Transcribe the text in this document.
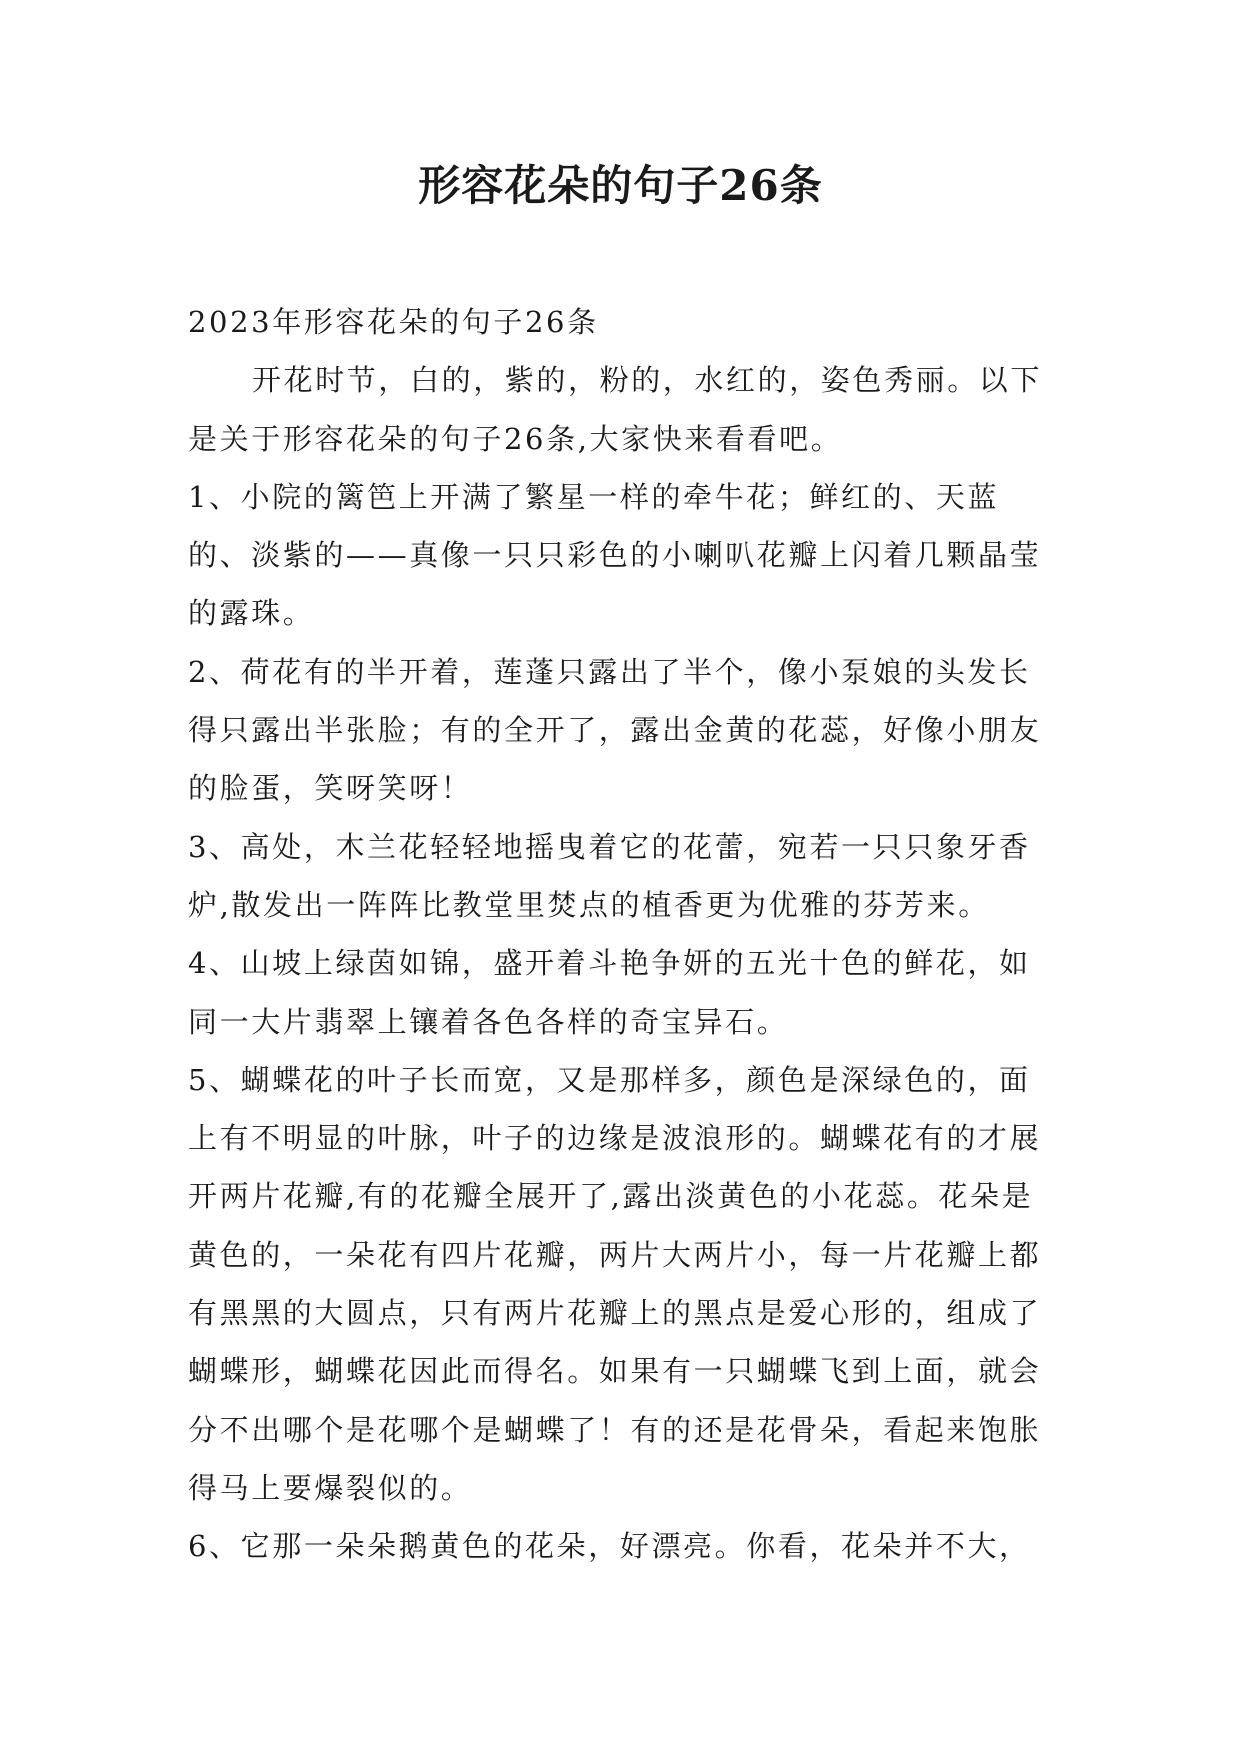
形容花朵的句子26条

2023年形容花朵的句子26条

开花时节，白的，紫的，粉的，水红的，姿色秀丽。以下是关于形容花朵的句子26条,大家快来看看吧。

1、小院的篱笆上开满了繁星一样的牵牛花；鲜红的、天蓝的、淡紫的——真像一只只彩色的小喇叭花瓣上闪着几颗晶莹的露珠。

2、荷花有的半开着，莲蓬只露出了半个，像小泵娘的头发长得只露出半张脸；有的全开了，露出金黄的花蕊，好像小朋友的脸蛋，笑呀笑呀！

3、高处，木兰花轻轻地摇曳着它的花蕾，宛若一只只象牙香炉,散发出一阵阵比教堂里焚点的植香更为优雅的芬芳来。

4、山坡上绿茵如锦，盛开着斗艳争妍的五光十色的鲜花，如同一大片翡翠上镶着各色各样的奇宝异石。

5、蝴蝶花的叶子长而宽，又是那样多，颜色是深绿色的，面上有不明显的叶脉，叶子的边缘是波浪形的。蝴蝶花有的才展开两片花瓣,有的花瓣全展开了,露出淡黄色的小花蕊。花朵是黄色的，一朵花有四片花瓣，两片大两片小，每一片花瓣上都有黑黑的大圆点，只有两片花瓣上的黑点是爱心形的，组成了蝴蝶形，蝴蝶花因此而得名。如果有一只蝴蝶飞到上面，就会分不出哪个是花哪个是蝴蝶了！有的还是花骨朵，看起来饱胀得马上要爆裂似的。

6、它那一朵朵鹅黄色的花朵，好漂亮。你看，花朵并不大，
